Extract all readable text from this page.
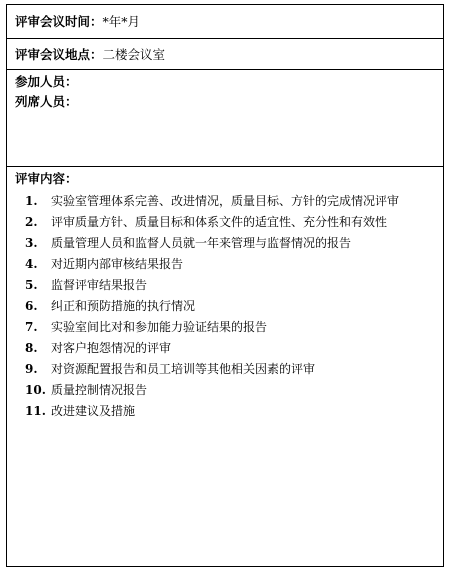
评审会议时间：*年*月
评审会议地点：二楼会议室
参加人员：
列席人员：
评审内容：
1.	实验室管理体系完善、改进情况，质量目标、方针的完成情况评审
2.	评审质量方针、质量目标和体系文件的适宜性、充分性和有效性
3.	质量管理人员和监督人员就一年来管理与监督情况的报告
4.	对近期内部审核结果报告
5.	监督评审结果报告
6.	纠正和预防措施的执行情况
7.	实验室间比对和参加能力验证结果的报告
8.	对客户抱怨情况的评审
9.	对资源配置报告和员工培训等其他相关因素的评审
10. 质量控制情况报告
11. 改进建议及措施
